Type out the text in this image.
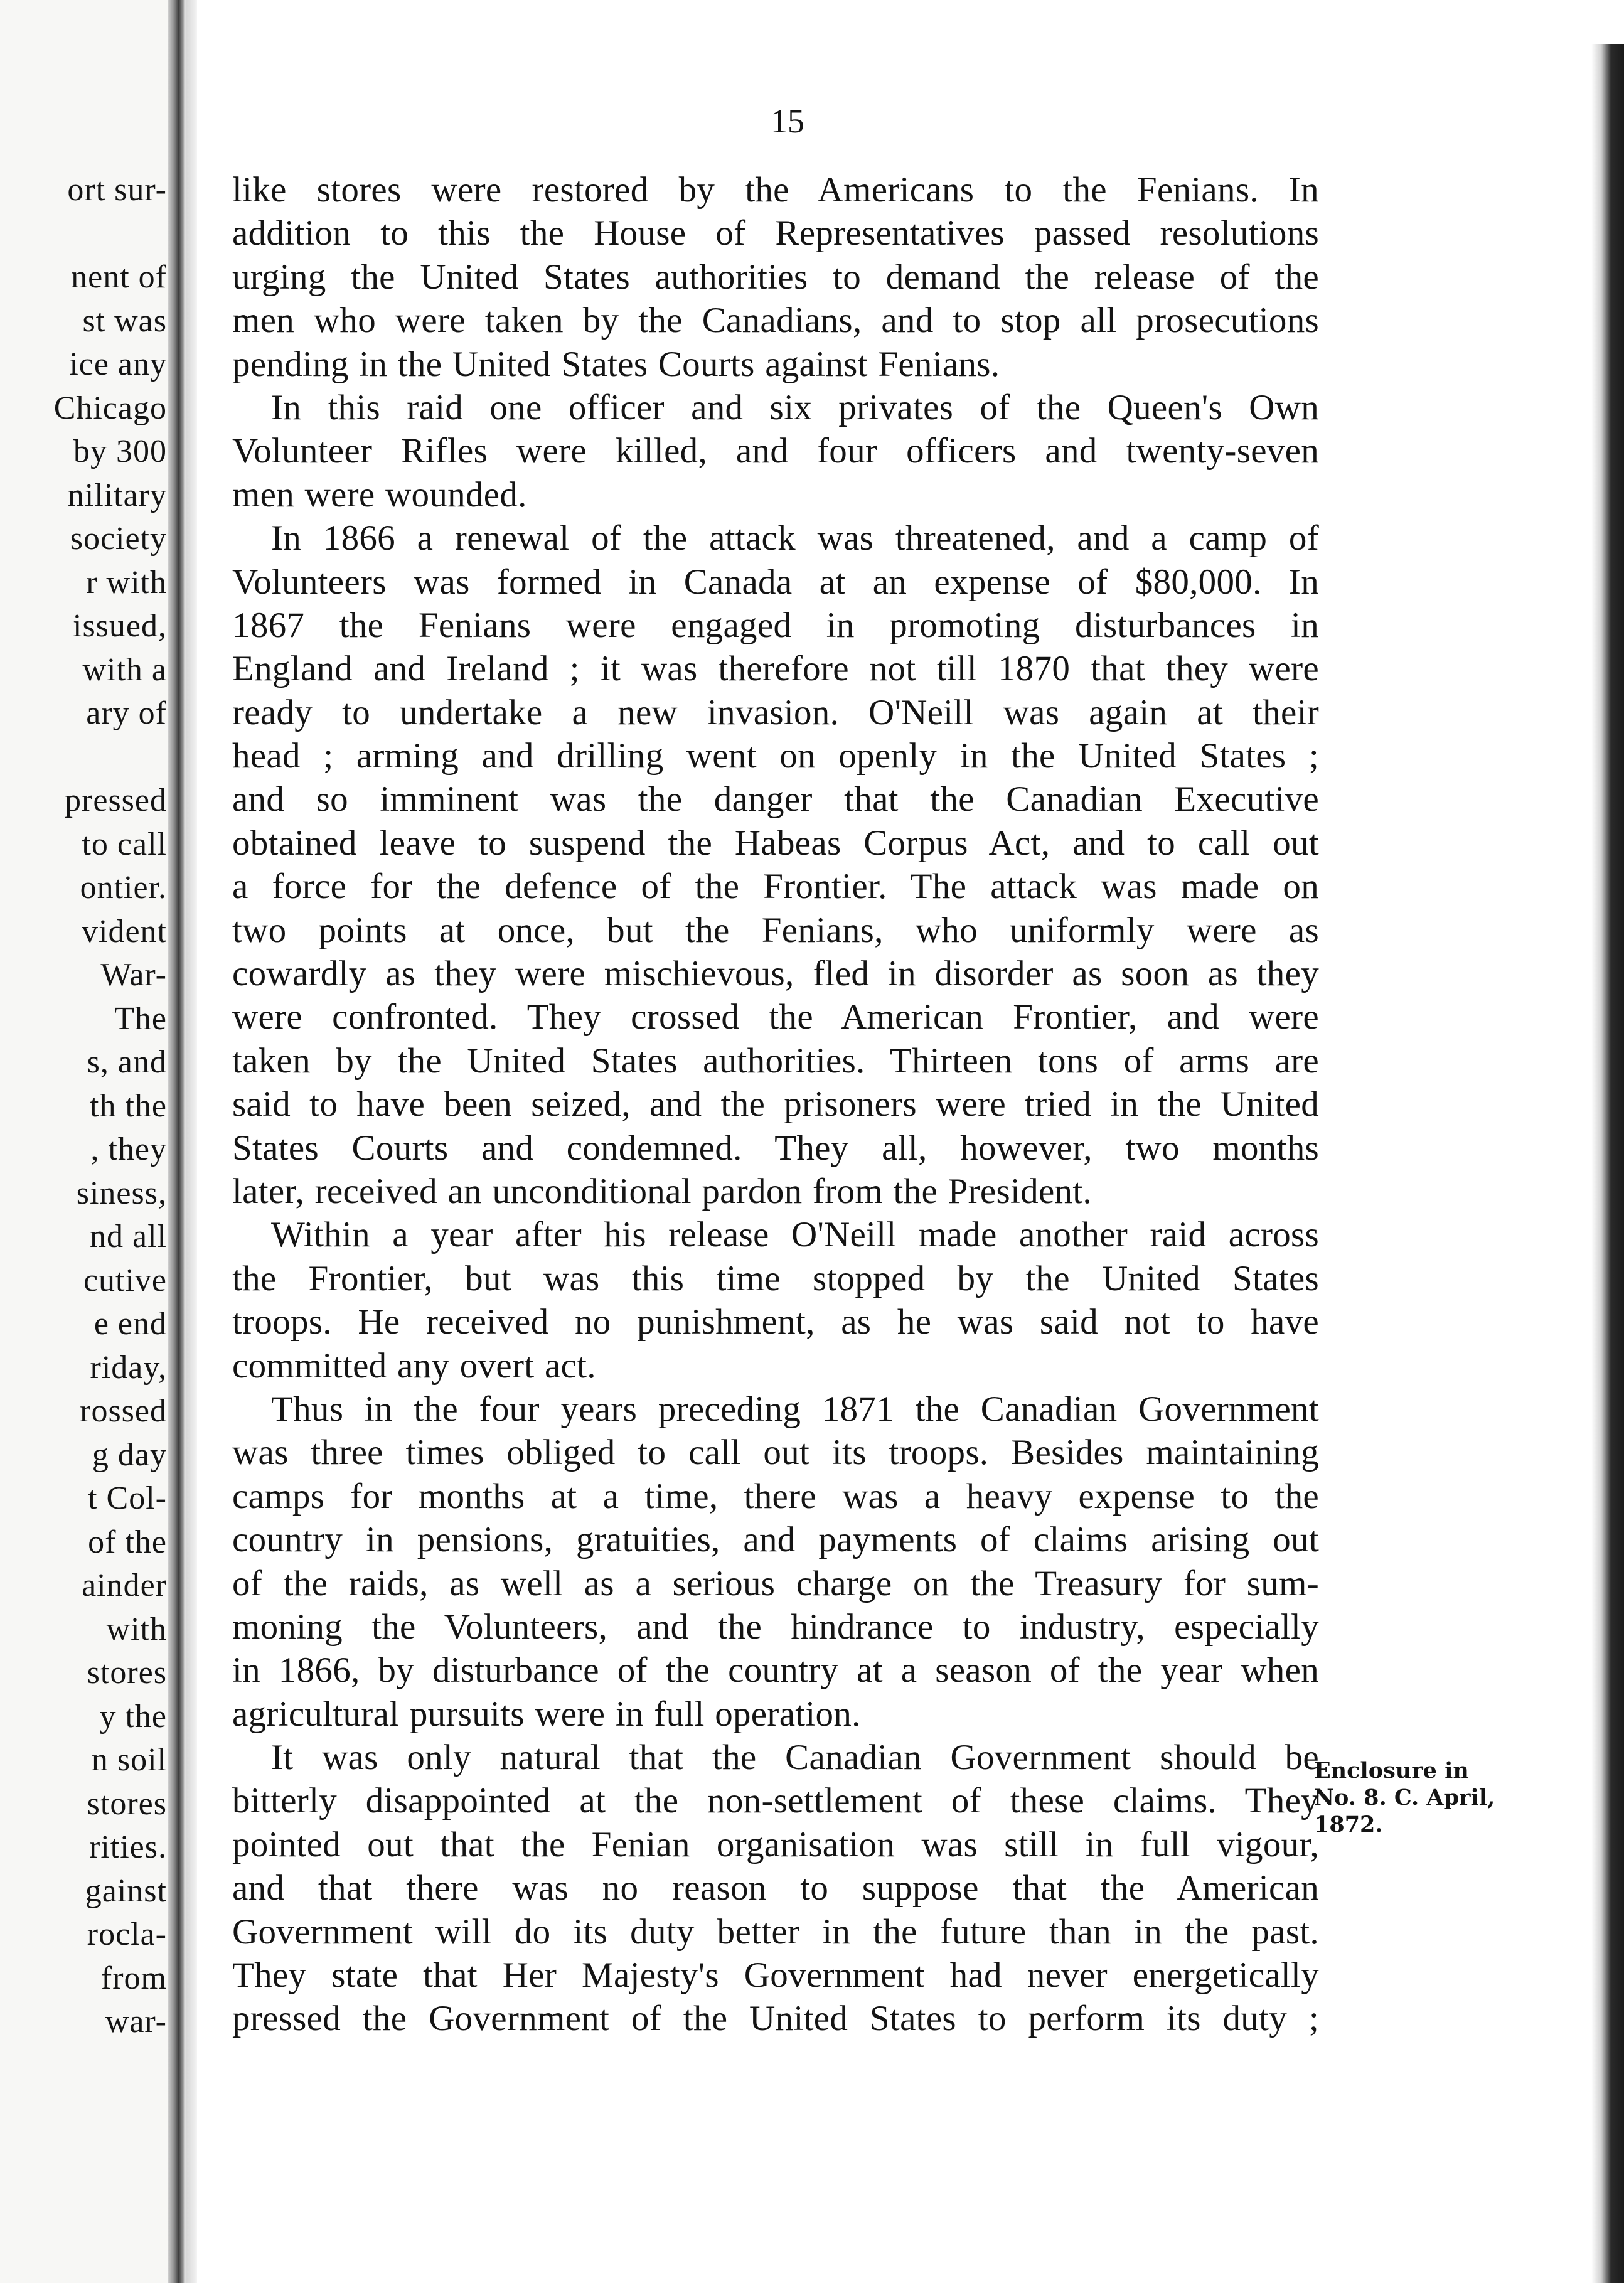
ort sur-
nent of
st was
ice any
Chicago
by 300
nilitary
society
r with
issued,
with a
ary of
pressed
to call
ontier.
vident
War-
The
s, and
th the
, they
siness,
nd all
cutive
e end
riday,
rossed
g day
t Col-
of the
ainder
with
stores
y the
n soil
stores
rities.
gainst
rocla-
from
war-
15
like stores were restored by the Americans to the Fenians. In
addition to this the House of Representatives passed resolutions
urging the United States authorities to demand the release of the
men who were taken by the Canadians, and to stop all prosecutions
pending in the United States Courts against Fenians.
In this raid one officer and six privates of the Queen's Own
Volunteer Rifles were killed, and four officers and twenty-seven
men were wounded.
In 1866 a renewal of the attack was threatened, and a camp of
Volunteers was formed in Canada at an expense of $80,000. In
1867 the Fenians were engaged in promoting disturbances in
England and Ireland ; it was therefore not till 1870 that they were
ready to undertake a new invasion. O'Neill was again at their
head ; arming and drilling went on openly in the United States ;
and so imminent was the danger that the Canadian Executive
obtained leave to suspend the Habeas Corpus Act, and to call out
a force for the defence of the Frontier. The attack was made on
two points at once, but the Fenians, who uniformly were as
cowardly as they were mischievous, fled in disorder as soon as they
were confronted. They crossed the American Frontier, and were
taken by the United States authorities. Thirteen tons of arms are
said to have been seized, and the prisoners were tried in the United
States Courts and condemned. They all, however, two months
later, received an unconditional pardon from the President.
Within a year after his release O'Neill made another raid across
the Frontier, but was this time stopped by the United States
troops. He received no punishment, as he was said not to have
committed any overt act.
Thus in the four years preceding 1871 the Canadian Government
was three times obliged to call out its troops. Besides maintaining
camps for months at a time, there was a heavy expense to the
country in pensions, gratuities, and payments of claims arising out
of the raids, as well as a serious charge on the Treasury for sum-
moning the Volunteers, and the hindrance to industry, especially
in 1866, by disturbance of the country at a season of the year when
agricultural pursuits were in full operation.
It was only natural that the Canadian Government should be
bitterly disappointed at the non-settlement of these claims. They
pointed out that the Fenian organisation was still in full vigour,
and that there was no reason to suppose that the American
Government will do its duty better in the future than in the past.
They state that Her Majesty's Government had never energetically
pressed the Government of the United States to perform its duty ;
Enclosure in
No. 8. C. April,
1872.
